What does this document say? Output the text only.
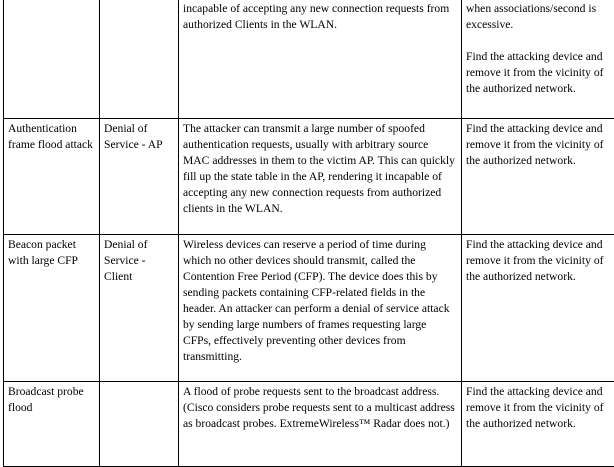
		incapable of accepting any new connection requests from authorized Clients in the WLAN.	when associations/second is excessive.

Find the attacking device and remove it from the vicinity of the authorized network.

Authentication frame flood attack	Denial of Service - AP	The attacker can transmit a large number of spoofed authentication requests, usually with arbitrary source MAC addresses in them to the victim AP. This can quickly fill up the state table in the AP, rendering it incapable of accepting any new connection requests from authorized clients in the WLAN.	Find the attacking device and remove it from the vicinity of the authorized network.

Beacon packet with large CFP	Denial of Service - Client	Wireless devices can reserve a period of time during which no other devices should transmit, called the Contention Free Period (CFP). The device does this by sending packets containing CFP-related fields in the header. An attacker can perform a denial of service attack by sending large numbers of frames requesting large CFPs, effectively preventing other devices from transmitting.	Find the attacking device and remove it from the vicinity of the authorized network.

Broadcast probe flood		A flood of probe requests sent to the broadcast address. (Cisco considers probe requests sent to a multicast address as broadcast probes. ExtremeWireless™ Radar does not.)	Find the attacking device and remove it from the vicinity of the authorized network.
